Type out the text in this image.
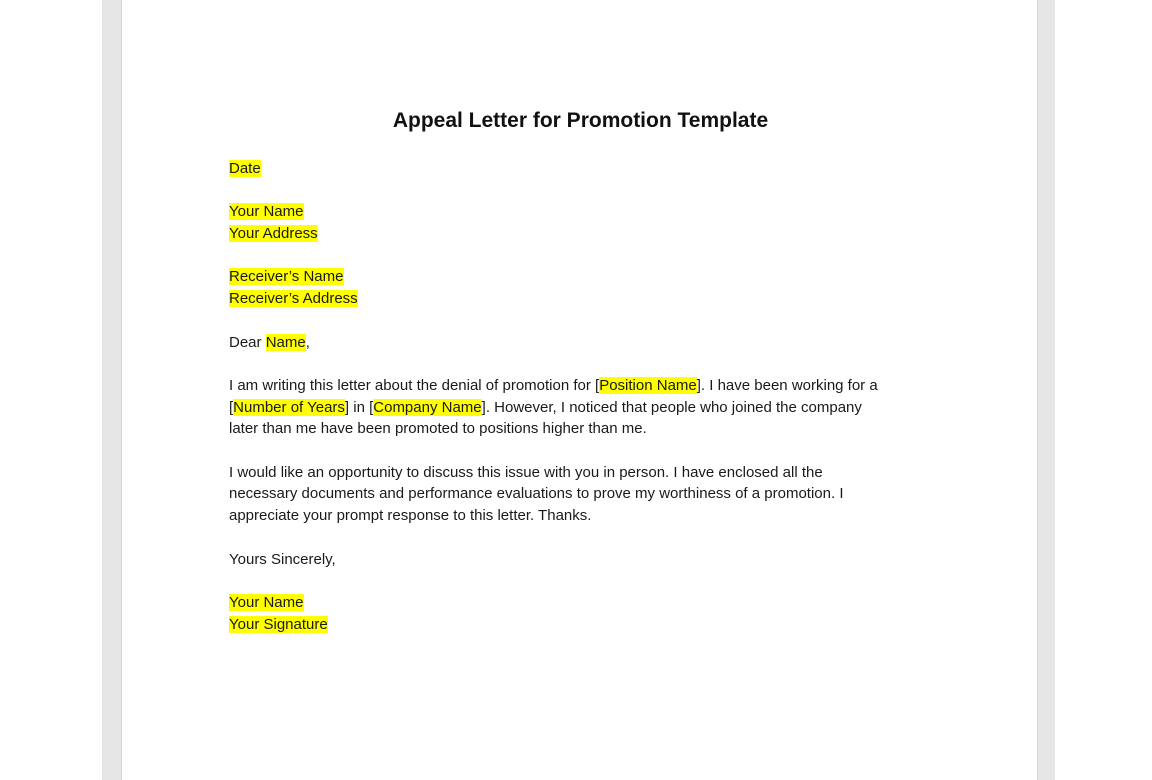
Appeal Letter for Promotion Template
Date
Your Name
Your Address
Receiver’s Name
Receiver’s Address
Dear Name,
I am writing this letter about the denial of promotion for [Position Name]. I have been working for a
[Number of Years] in [Company Name]. However, I noticed that people who joined the company
later than me have been promoted to positions higher than me.
I would like an opportunity to discuss this issue with you in person. I have enclosed all the
necessary documents and performance evaluations to prove my worthiness of a promotion. I
appreciate your prompt response to this letter. Thanks.
Yours Sincerely,
Your Name
Your Signature
